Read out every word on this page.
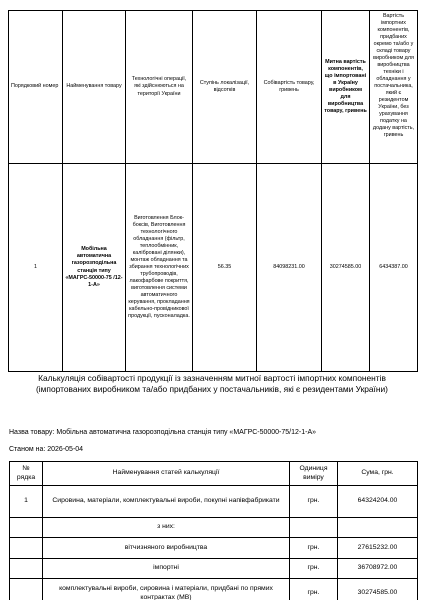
Порядковий номер	Найменування товару	Технологічні операції, які здійснюються на території України	Ступінь локалізації, відсотків	Собівартість товару, гривень	Митна вартість компонентів, що імпортовані в Україну виробником для виробництва товару, гривень	Вартість імпортних компонентів, придбаних окремо та/або у складі товару виробником для виробництва техніки і обладнання у постачальника, який є резидентом України, без урахування податку на додану вартість, гривень
1	Мобільна автоматична газорозподільна станція типу «МАГРС-50000-75 /12-1-А»	Виготовлення Блок-боксів, Виготовлення технологічного обладнання (фільтр, теплообмінник, калібровані ділянки), монтаж обладнання та збирання технологічних трубопроводів, лакофарбове покриття, виготовлення системи автоматичного керування, прокладання кабельно-провідникової продукції, пусконаладка.	56.35	84098231.00	30274585.00	6434387.00
Калькуляція собівартості продукції із зазначенням митної вартості імпортних компонентів (імпортованих виробником та/або придбаних у постачальників, які є резидентами України)
Назва товару: Мобільна автоматична газорозподільна станція типу «МАГРС-50000-75/12-1-А»
Станом на: 2026-05-04
№ рядка	Найменування статей калькуляції	Одиниця виміру	Сума, грн.
1	Сировина, матеріали, комплектувальні вироби, покупні напівфабрикати	грн.	64324204.00
	з них:		
	вітчизняного виробництва	грн.	27615232.00
	імпортні	грн.	36708972.00
	комплектувальні вироби, сировина і матеріали, придбані по прямих контрактах (МВ)	грн.	30274585.00
